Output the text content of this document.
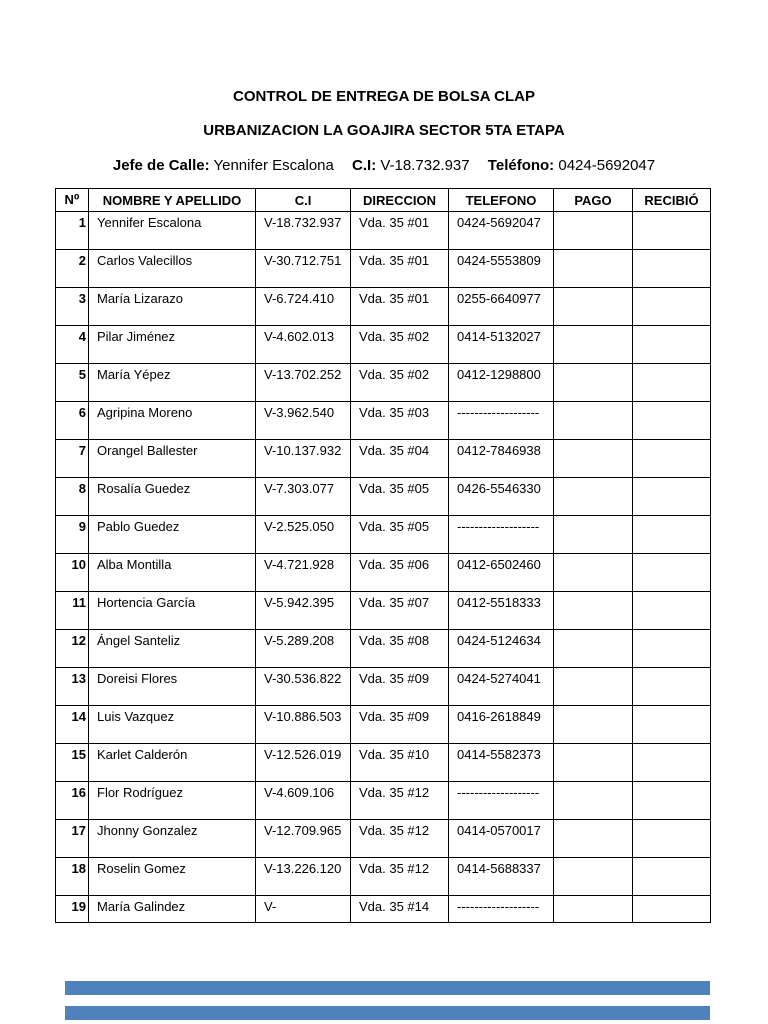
CONTROL DE ENTREGA DE BOLSA CLAP
URBANIZACION LA GOAJIRA SECTOR 5TA ETAPA
Jefe de Calle: Yennifer Escalona C.I: V-18.732.937 Teléfono: 0424-5692047
N⁰	NOMBRE Y APELLIDO	C.I	DIRECCION	TELEFONO	PAGO	RECIBIÓ
1	Yennifer Escalona	V-18.732.937	Vda. 35 #01	0424-5692047		
2	Carlos Valecillos	V-30.712.751	Vda. 35 #01	0424-5553809		
3	María Lizarazo	V-6.724.410	Vda. 35 #01	0255-6640977		
4	Pilar Jiménez	V-4.602.013	Vda. 35 #02	0414-5132027		
5	María Yépez	V-13.702.252	Vda. 35 #02	0412-1298800		
6	Agripina Moreno	V-3.962.540	Vda. 35 #03	-------------------		
7	Orangel Ballester	V-10.137.932	Vda. 35 #04	0412-7846938		
8	Rosalía Guedez	V-7.303.077	Vda. 35 #05	0426-5546330		
9	Pablo Guedez	V-2.525.050	Vda. 35 #05	-------------------		
10	Alba Montilla	V-4.721.928	Vda. 35 #06	0412-6502460		
11	Hortencia García	V-5.942.395	Vda. 35 #07	0412-5518333		
12	Ángel Santeliz	V-5.289.208	Vda. 35 #08	0424-5124634		
13	Doreisi Flores	V-30.536.822	Vda. 35 #09	0424-5274041		
14	Luis Vazquez	V-10.886.503	Vda. 35 #09	0416-2618849		
15	Karlet Calderón	V-12.526.019	Vda. 35 #10	0414-5582373		
16	Flor Rodríguez	V-4.609.106	Vda. 35 #12	-------------------		
17	Jhonny Gonzalez	V-12.709.965	Vda. 35 #12	0414-0570017		
18	Roselin Gomez	V-13.226.120	Vda. 35 #12	0414-5688337		
19	María Galindez	V-	Vda. 35 #14	-------------------		
